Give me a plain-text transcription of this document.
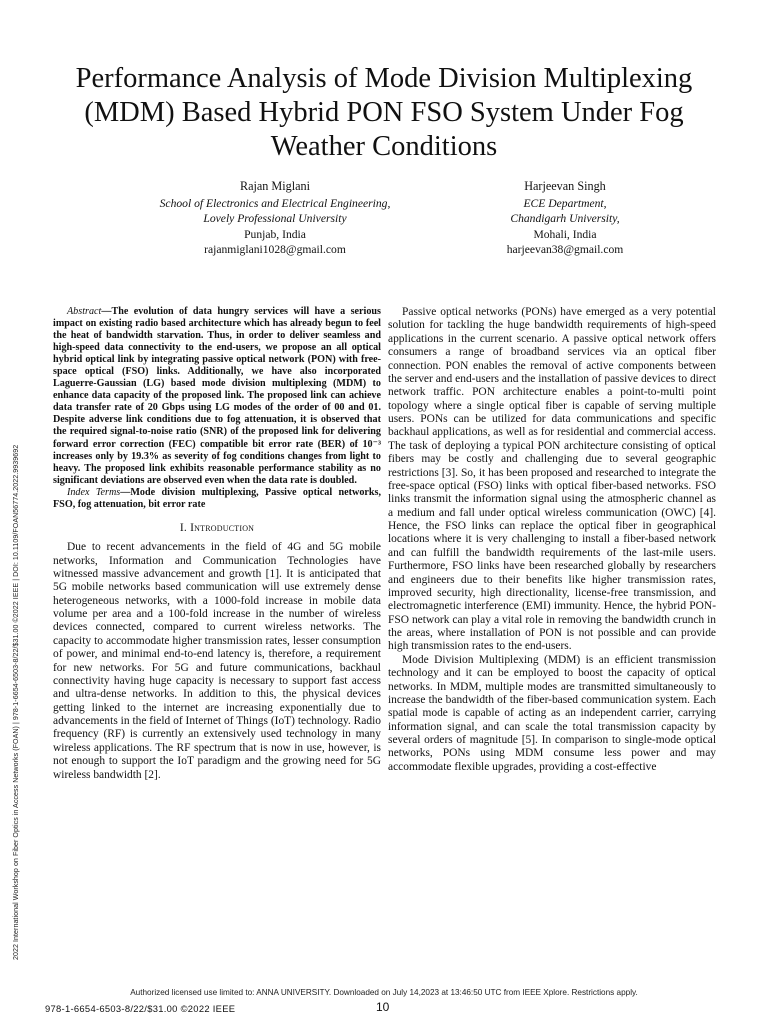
Performance Analysis of Mode Division Multiplexing (MDM) Based Hybrid PON FSO System Under Fog Weather Conditions
Rajan Miglani
School of Electronics and Electrical Engineering,
Lovely Professional University
Punjab, India
rajanmiglani1028@gmail.com
Harjeevan Singh
ECE Department,
Chandigarh University,
Mohali, India
harjeevan38@gmail.com
2022 International Workshop on Fiber Optics in Access Networks (FOAN) | 978-1-6654-6503-8/22/$31.00 ©2022 IEEE | DOI: 10.1109/FOAN56774.2022.9939692

Abstract—The evolution of data hungry services will have a serious impact on existing radio based architecture which has already begun to feel the heat of bandwidth starvation. Thus, in order to deliver seamless and high-speed data connectivity to the end-users, we propose an all optical hybrid optical link by integrating passive optical network (PON) with free-space optical (FSO) links. Additionally, we have also incorporated Laguerre-Gaussian (LG) based mode division multiplexing (MDM) to enhance data capacity of the proposed link. The proposed link can achieve data transfer rate of 20 Gbps using LG modes of the order of 00 and 01. Despite adverse link conditions due to fog attenuation, it is observed that the required signal-to-noise ratio (SNR) of the proposed link for delivering forward error correction (FEC) compatible bit error rate (BER) of 10⁻³ increases only by 19.3% as severity of fog conditions changes from light to heavy. The proposed link exhibits reasonable performance stability as no significant deviations are observed even when the data rate is doubled.

Index Terms—Mode division multiplexing, Passive optical networks, FSO, fog attenuation, bit error rate

I. Introduction

Due to recent advancements in the field of 4G and 5G mobile networks, Information and Communication Technologies have witnessed massive advancement and growth [1]. It is anticipated that 5G mobile networks based communication will use extremely dense heterogeneous networks, with a 1000-fold increase in mobile data volume per area and a 100-fold increase in the number of wireless devices connected, compared to current wireless networks. The capacity to accommodate higher transmission rates, lesser consumption of power, and minimal end-to-end latency is, therefore, a requirement for new networks. For 5G and future communications, backhaul connectivity having huge capacity is necessary to support fast access and ultra-dense networks. In addition to this, the physical devices getting linked to the internet are increasing exponentially due to advancements in the field of Internet of Things (IoT) technology. Radio frequency (RF) is currently an extensively used technology in many wireless applications. The RF spectrum that is now in use, however, is not enough to support the IoT paradigm and the growing need for 5G wireless bandwidth [2].

Passive optical networks (PONs) have emerged as a very potential solution for tackling the huge bandwidth requirements of high-speed applications in the current scenario. A passive optical network offers consumers a range of broadband services via an optical fiber connection. PON enables the removal of active components between the server and end-users and the installation of passive devices to direct network traffic. PON architecture enables a point-to-multi point topology where a single optical fiber is capable of serving multiple users. PONs can be utilized for data communications and specific backhaul applications, as well as for residential and commercial access. The task of deploying a typical PON architecture consisting of optical fibers may be costly and challenging due to several geographic restrictions [3]. So, it has been proposed and researched to integrate the free-space optical (FSO) links with optical fiber-based networks. FSO links transmit the information signal using the atmospheric channel as a medium and fall under optical wireless communication (OWC) [4]. Hence, the FSO links can replace the optical fiber in geographical locations where it is very challenging to install a fiber-based network and can fulfill the bandwidth requirements of the last-mile users. Furthermore, FSO links have been researched globally by researchers and engineers due to their benefits like higher transmission rates, improved security, high directionality, license-free transmission, and electromagnetic interference (EMI) immunity. Hence, the hybrid PON-FSO network can play a vital role in removing the bandwidth crunch in the areas, where installation of PON is not possible and can provide high transmission rates to the end-users.

Mode Division Multiplexing (MDM) is an efficient transmission technology and it can be employed to boost the capacity of optical networks. In MDM, multiple modes are transmitted simultaneously to increase the bandwidth of the fiber-based communication system. Each spatial mode is capable of acting as an independent carrier, carrying information signal, and can scale the total transmission capacity by several orders of magnitude [5]. In comparison to single-mode optical networks, PONs using MDM consume less power and may accommodate flexible upgrades, providing a cost-effective

Authorized licensed use limited to: ANNA UNIVERSITY. Downloaded on July 14,2023 at 13:46:50 UTC from IEEE Xplore. Restrictions apply.
978-1-6654-6503-8/22/$31.00 ©2022 IEEE	10
